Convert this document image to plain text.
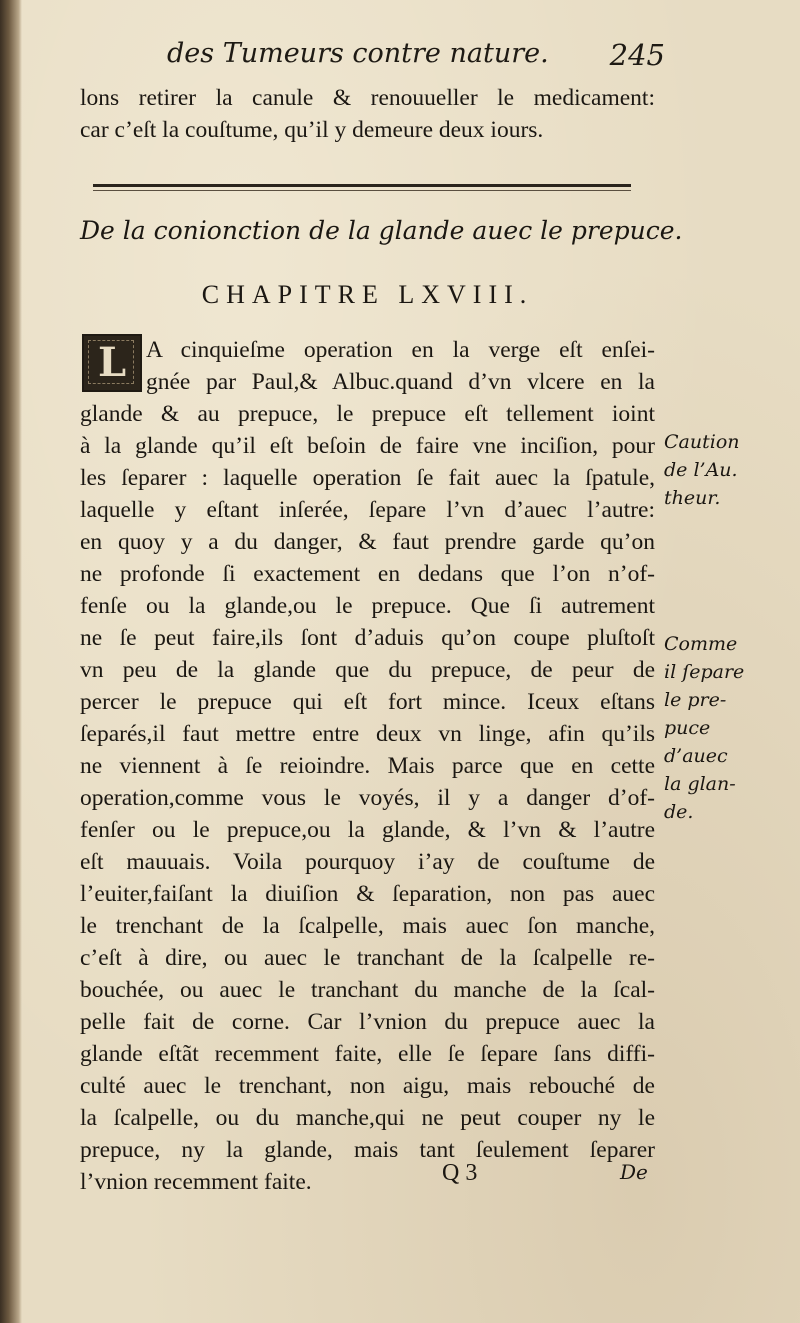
des Tumeurs contre nature. 245
lons retirer la canule & renouueller le medicament:
car c’eſt la couſtume, qu’il y demeure deux iours.
De la conionction de la glande auec le prepuce.
CHAPITRE LXVIII.
L A cinquieſme operation en la verge eſt enſei-
gnée par Paul,& Albuc.quand d’vn vlcere en la
glande & au prepuce, le prepuce eſt tellement ioint
à la glande qu’il eſt beſoin de faire vne inciſion, pour
les ſeparer : laquelle operation ſe fait auec la ſpatule,
laquelle y eſtant inſerée, ſepare l’vn d’auec l’autre:
en quoy y a du danger, & faut prendre garde qu’on
ne profonde ſi exactement en dedans que l’on n’of-
fenſe ou la glande,ou le prepuce. Que ſi autrement
ne ſe peut faire,ils ſont d’aduis qu’on coupe pluſtoſt
vn peu de la glande que du prepuce, de peur de
percer le prepuce qui eſt fort mince. Iceux eſtans
ſeparés,il faut mettre entre deux vn linge, afin qu’ils
ne viennent à ſe reioindre. Mais parce que en cette
operation,comme vous le voyés, il y a danger d’of-
fenſer ou le prepuce,ou la glande, & l’vn & l’autre
eſt mauuais. Voila pourquoy i’ay de couſtume de
l’euiter,faiſant la diuiſion & ſeparation, non pas auec
le trenchant de la ſcalpelle, mais auec ſon manche,
c’eſt à dire, ou auec le tranchant de la ſcalpelle re-
bouchée, ou auec le tranchant du manche de la ſcal-
pelle fait de corne. Car l’vnion du prepuce auec la
glande eſtãt recemment faite, elle ſe ſepare ſans diffi-
culté auec le trenchant, non aigu, mais rebouché de
la ſcalpelle, ou du manche,qui ne peut couper ny le
prepuce, ny la glande, mais tant ſeulement ſeparer
l’vnion recemment faite.
Caution
de l’Au.
theur.
Comme
il ſepare
le pre-
puce
d’auec
la glan-
de.
Q 3	De
